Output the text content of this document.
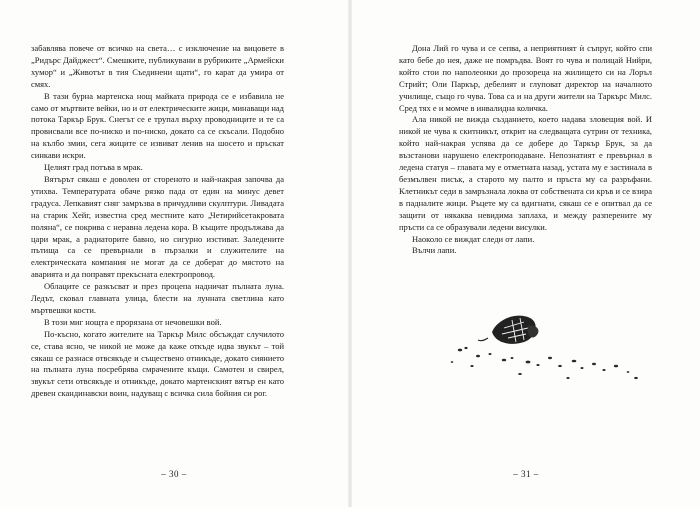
забавлява повече от всичко на света… с изключение на вицовете в „Ридърс Дайджест“. Смешките, публикувани в рубриките „Армейски хумор“ и „Животът в тия Съединени щати“, го карат да умира от смях.

В тази бурна мартенска нощ майката природа се е избавила не само от мъртвите вейки, но и от електрическите жици, минаващи над потока Таркър Брук. Снегът се е трупал върху проводниците и те са провисвали все по-ниско и по-ниско, докато са се скъсали. Подобно на кълбо змии, сега жиците се извиват ленив на шосето и пръскат синкави искри.

Целият град потъва в мрак.

Вятърът сякаш е доволен от стореното и най-накрая започва да утихва. Температурата обаче рязко пада от един на минус девет градуса. Лепкавият сняг замръзва в причудливи скулптури. Ливадата на старик Хейг, известна сред местните като „Четирийсетакровата поляна“, се покрива с неравна ледена кора. В къщите продължава да цари мрак, а радиаторите бавно, но сигурно изстиват. Заледените пътища са се превърнали в пързалки и служителите на електрическата компания не могат да се доберат до мястото на аварията и да поправят прекъсната електропровод.

Облаците се разкъсват и през процепа надничат пълната луна. Ледът, сковал главната улица, блести на лунната светлина като мъртвешки кости.

В този миг нощта е прорязана от нечовешки вой.

По-късно, когато жителите на Таркър Милс обсъждат случилото се, става ясно, че никой не може да каже откъде идва звукът – той сякаш се разнася отвсякъде и съществено отникъде, докато сиянието на пълната луна посребрява смрачените къщи. Самотен и свирел, звукът сети отвсякъде и отникъде, докато мартенският вятър ен като древен скандинавски воин, надуващ с всичка сила бойния си рог.

– 30 –

Дона Лий го чува и се сепва, а неприятният ѝ съпруг, който спи като бебе до нея, даже не помръдва. Воят го чува и полицай Нийри, който стои по наполеонки до прозореца на жилището си на Лоръл Стрийт; Оли Паркър, дебелият и глуповат директор на началното училище, също го чува. Това са и на други жители на Таркърс Милс. Сред тях е и момче в инвалидна количка.

Ала никой не вижда създанието, което надава зловещия вой. И никой не чува к скитникът, открит на следващата сутрин от техника, който най-накрая успява да се доберe до Таркър Брук, за да възстанови нарушено електроподаване. Непознатият е превърнал в ледена статуя – главата му е отметната назад, устата му е застинала в безмълвен писък, а старото му палто и пръста му са разръфани. Клетникът седи в замръзнала локва от собствената си кръв и се взира в падналите жици. Ръцете му са вдигнати, сякаш се е опитвал да се защити от някаква невидима заплаха, и между разперените му пръсти са се образували ледени висулки.

Наоколо се виждат следи от лапи.

Вълчи лапи.

– 31 –
